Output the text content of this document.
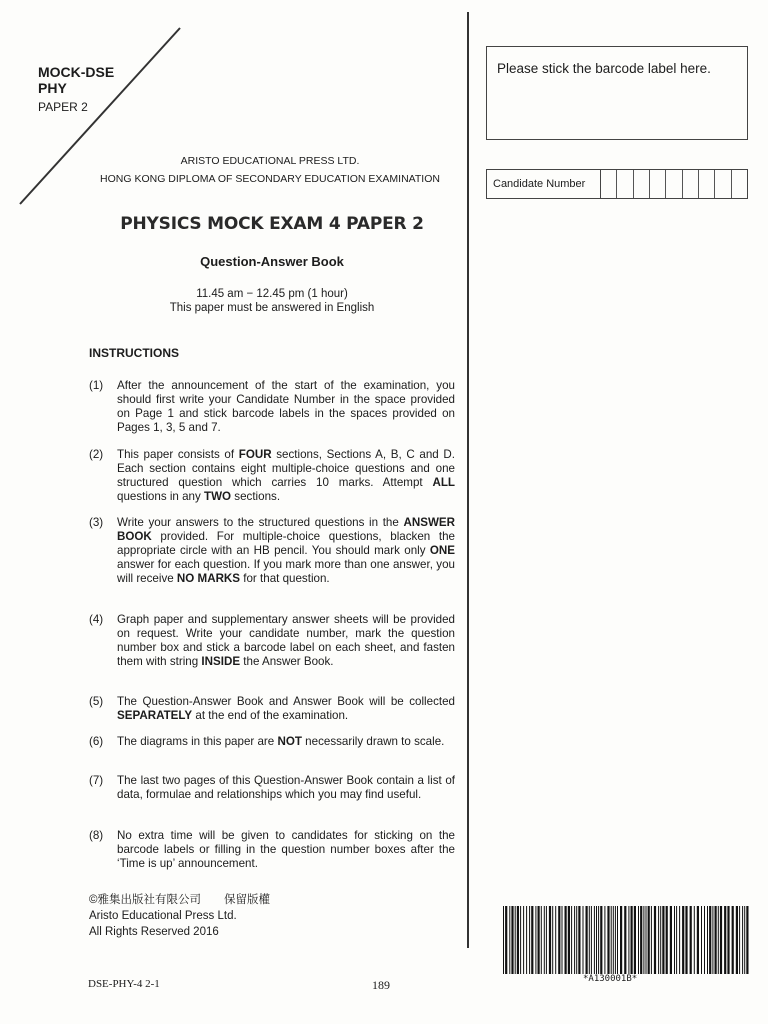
MOCK-DSE
PHY
PAPER 2
ARISTO EDUCATIONAL PRESS LTD.
HONG KONG DIPLOMA OF SECONDARY EDUCATION EXAMINATION
PHYSICS MOCK EXAM 4 PAPER 2
Question-Answer Book
11.45 am − 12.45 pm (1 hour)
This paper must be answered in English
INSTRUCTIONS
(1) After the announcement of the start of the examination, you should first write your Candidate Number in the space provided on Page 1 and stick barcode labels in the spaces provided on Pages 1, 3, 5 and 7.
(2) This paper consists of FOUR sections, Sections A, B, C and D. Each section contains eight multiple-choice questions and one structured question which carries 10 marks. Attempt ALL questions in any TWO sections.
(3) Write your answers to the structured questions in the ANSWER BOOK provided. For multiple-choice questions, blacken the appropriate circle with an HB pencil. You should mark only ONE answer for each question. If you mark more than one answer, you will receive NO MARKS for that question.
(4) Graph paper and supplementary answer sheets will be provided on request. Write your candidate number, mark the question number box and stick a barcode label on each sheet, and fasten them with string INSIDE the Answer Book.
(5) The Question-Answer Book and Answer Book will be collected SEPARATELY at the end of the examination.
(6) The diagrams in this paper are NOT necessarily drawn to scale.
(7) The last two pages of this Question-Answer Book contain a list of data, formulae and relationships which you may find useful.
(8) No extra time will be given to candidates for sticking on the barcode labels or filling in the question number boxes after the ‘Time is up’ announcement.
Please stick the barcode label here.
Candidate Number
©雅集出版社有限公司　　保留版權
Aristo Educational Press Ltd.
All Rights Reserved 2016
DSE-PHY-4 2-1	189	*A130001B*
